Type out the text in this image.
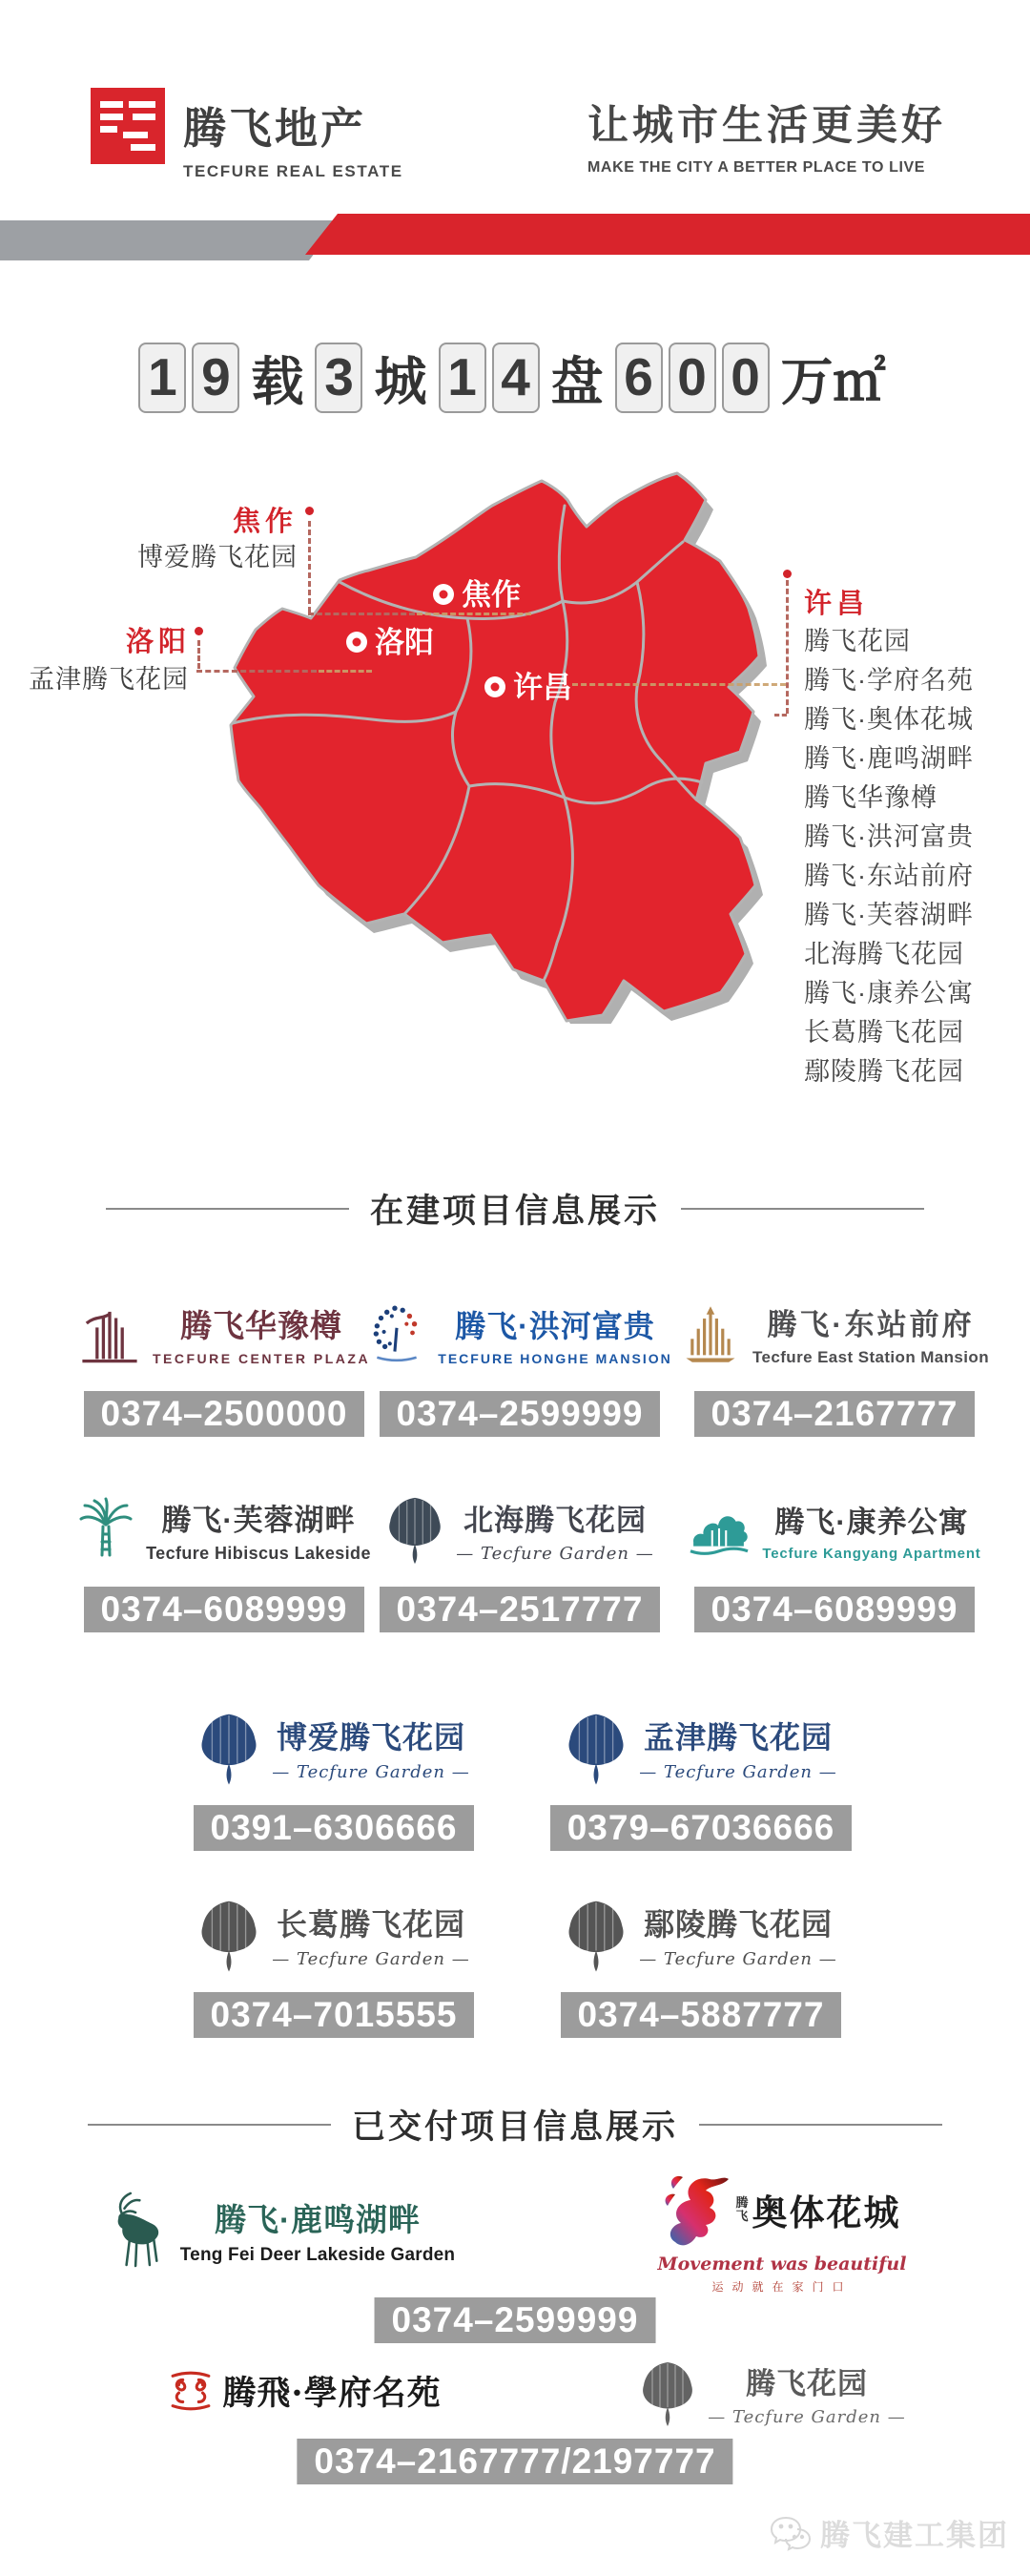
腾飞地产
TECFURE REAL ESTATE
让城市生活更美好
MAKE THE CITY A BETTER PLACE TO LIVE
1 9 载 3 城 1 4 盘 6 0 0 万㎡
焦作
洛阳
许昌
焦作
博爱腾飞花园
洛阳
孟津腾飞花园
许昌
腾飞花园
腾飞·学府名苑
腾飞·奥体花城
腾飞·鹿鸣湖畔
腾飞华豫樽
腾飞·洪河富贵
腾飞·东站前府
腾飞·芙蓉湖畔
北海腾飞花园
腾飞·康养公寓
长葛腾飞花园
鄢陵腾飞花园
在建项目信息展示
腾飞华豫樽
TECFURE CENTER PLAZA
0374–2500000
腾飞·洪河富贵
TECFURE HONGHE MANSION
0374–2599999
腾飞·东站前府
Tecfure East Station Mansion
0374–2167777
腾飞·芙蓉湖畔
Tecfure Hibiscus Lakeside
0374–6089999
北海腾飞花园
— Tecfure Garden —
0374–2517777
腾飞·康养公寓
Tecfure Kangyang Apartment
0374–6089999
博爱腾飞花园
— Tecfure Garden —
0391–6306666
孟津腾飞花园
— Tecfure Garden —
0379–67036666
长葛腾飞花园
— Tecfure Garden —
0374–7015555
鄢陵腾飞花园
— Tecfure Garden —
0374–5887777
已交付项目信息展示
腾飞·鹿鸣湖畔
Teng Fei Deer Lakeside Garden
腾
飞 奥体花城
Movement was beautiful
运动就在家门口
0374–2599999
腾飛·學府名苑	腾飞花园
— Tecfure Garden —
0374–2167777/2197777
腾飞建工集团
